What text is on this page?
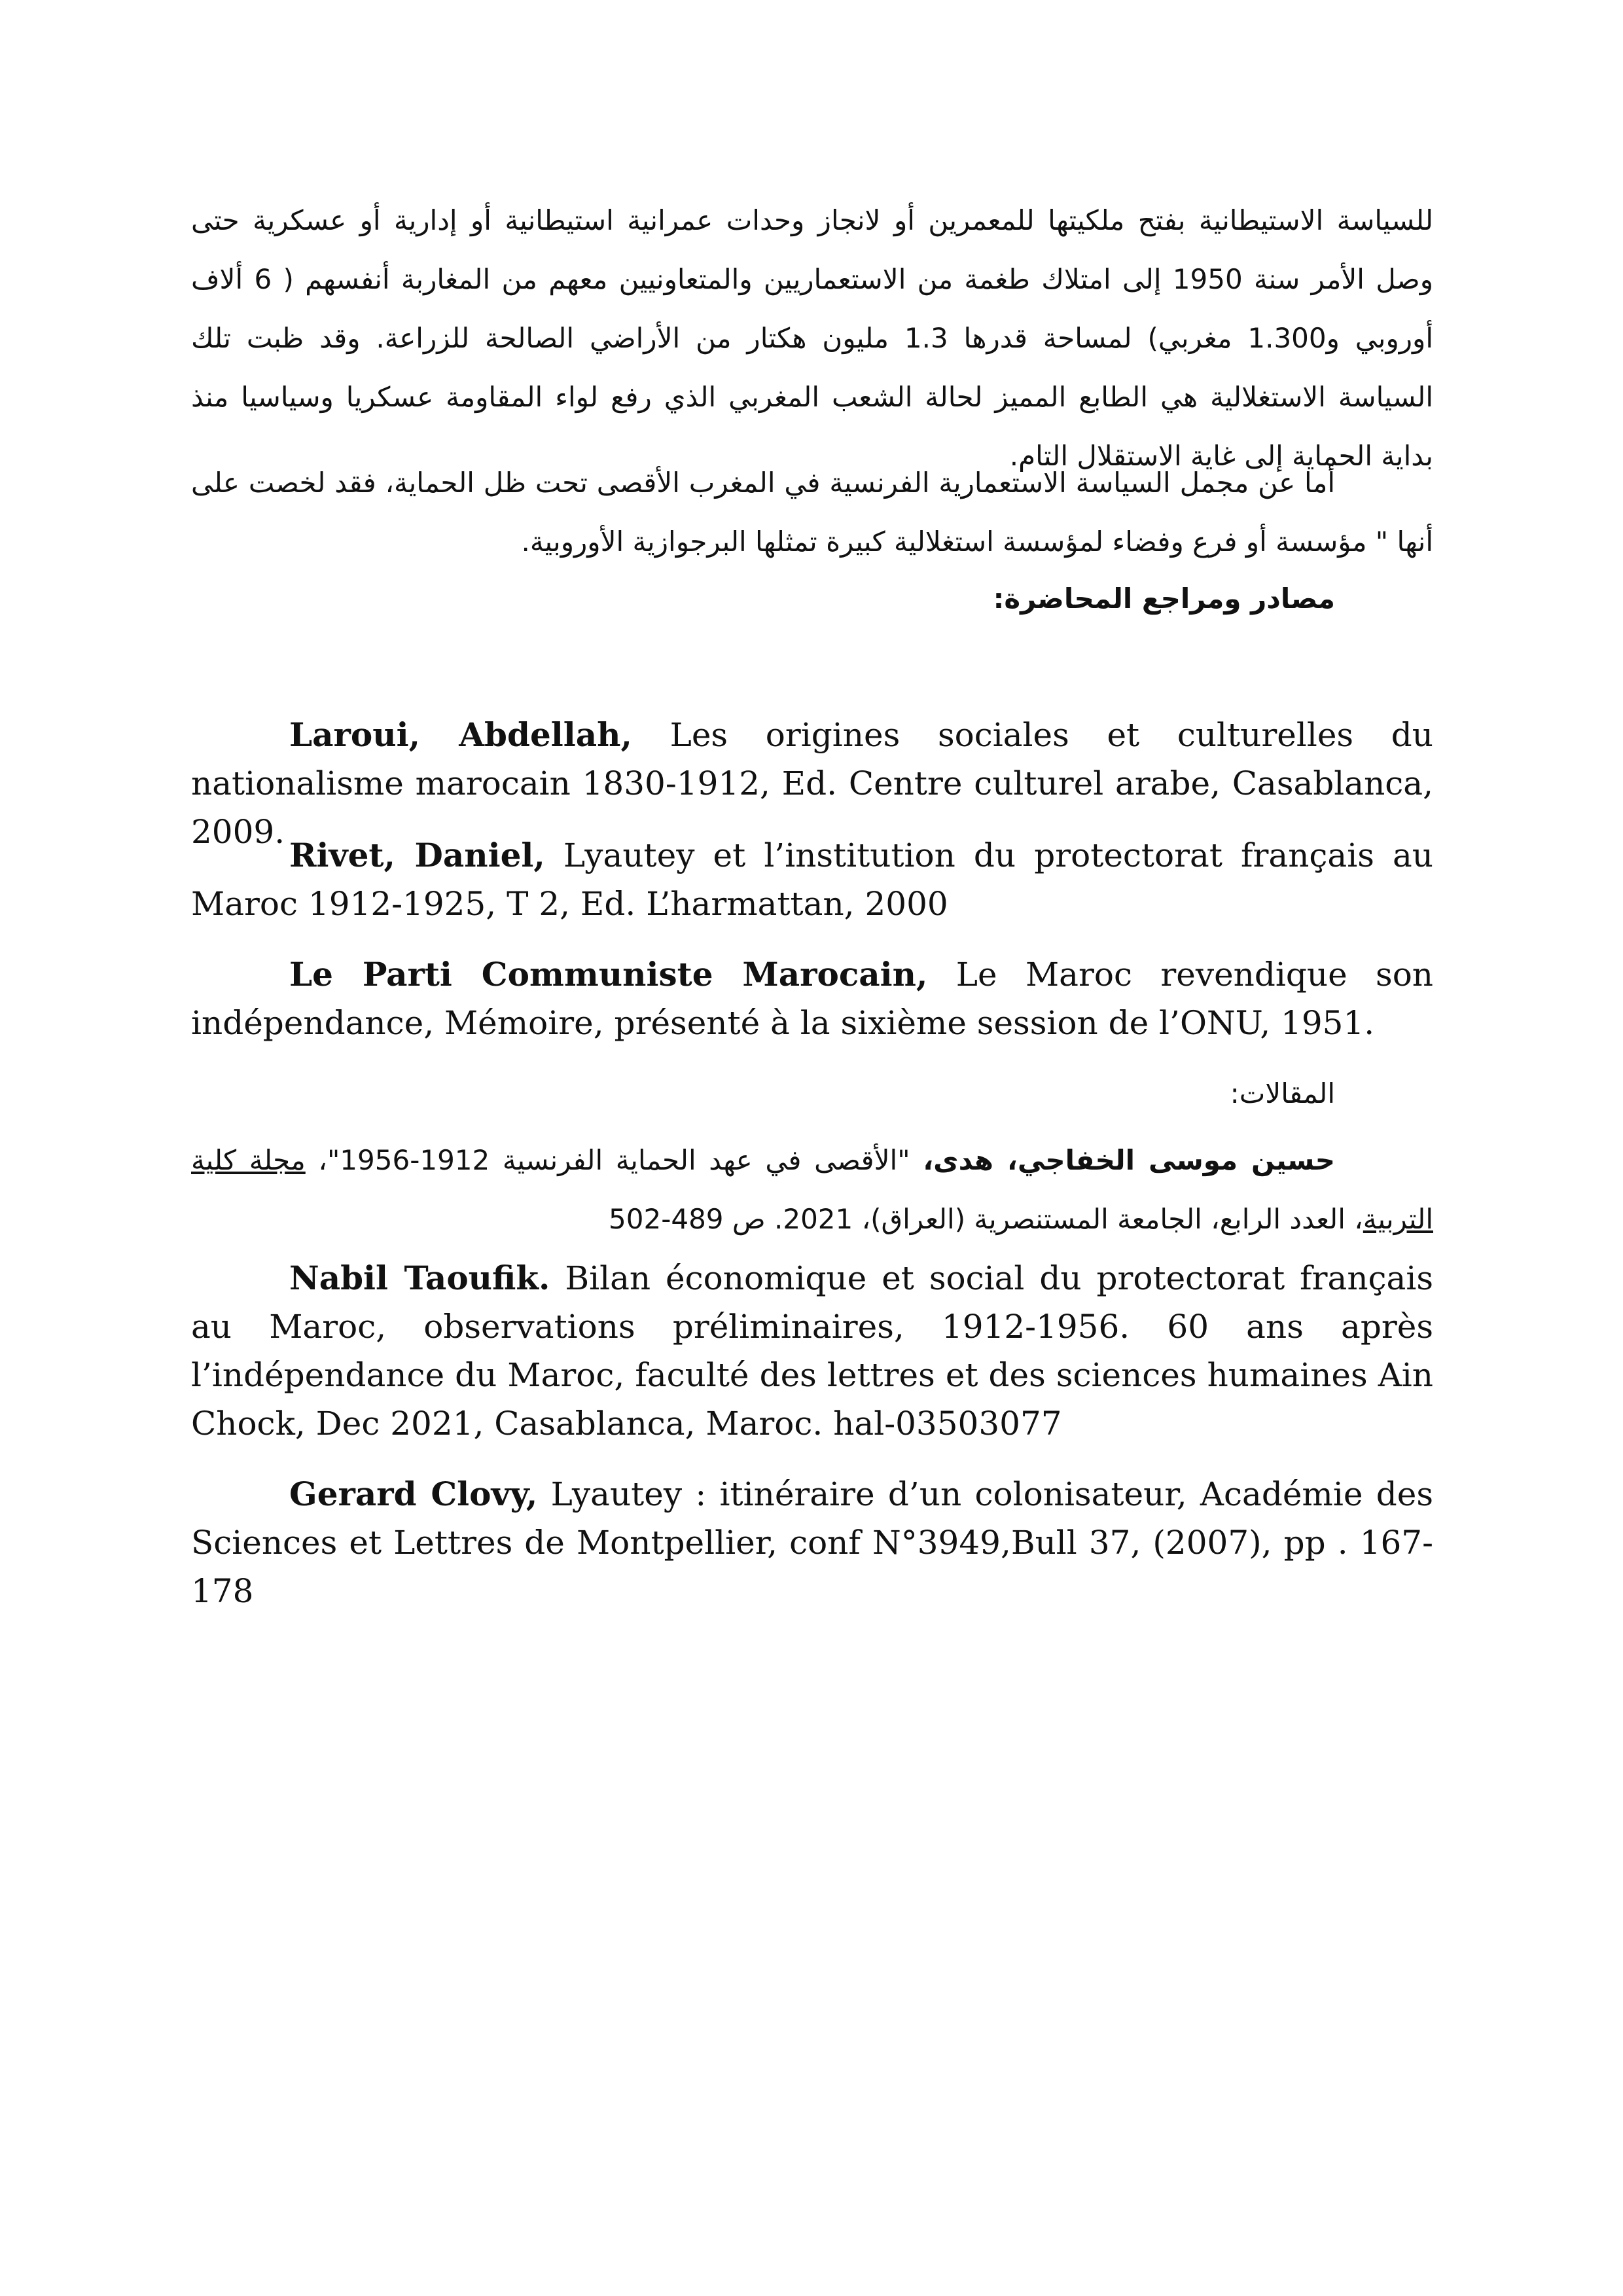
للسياسة الاستيطانية بفتح ملكيتها للمعمرين أو لانجاز وحدات عمرانية استيطانية أو إدارية أو عسكرية حتى وصل الأمر سنة 1950 إلى امتلاك طغمة من الاستعماريين والمتعاونيين معهم من المغاربة أنفسهم ( 6 ألاف أوروبي و1.300 مغربي) لمساحة قدرها 1.3 مليون هكتار من الأراضي الصالحة للزراعة. وقد ظبت تلك السياسة الاستغلالية هي الطابع المميز لحالة الشعب المغربي الذي رفع لواء المقاومة عسكريا وسياسيا منذ بداية الحماية إلى غاية الاستقلال التام.

أما عن مجمل السياسة الاستعمارية الفرنسية في المغرب الأقصى تحت ظل الحماية، فقد لخصت على أنها " مؤسسة أو فرع وفضاء لمؤسسة استغلالية كبيرة تمثلها البرجوازية الأوروبية.

مصادر ومراجع المحاضرة:

Laroui, Abdellah, Les origines sociales et culturelles du nationalisme marocain 1830-1912, Ed. Centre culturel arabe, Casablanca, 2009.

Rivet, Daniel, Lyautey et l’institution du protectorat français au Maroc 1912-1925, T 2, Ed. L’harmattan, 2000

Le Parti Communiste Marocain, Le Maroc revendique son indépendance, Mémoire, présenté à la sixième session de l’ONU, 1951.

المقالات:

حسين موسى الخفاجي، هدى، "الأقصى في عهد الحماية الفرنسية 1912-1956"، مجلة كلية التربية، العدد الرابع، الجامعة المستنصرية (العراق)، 2021. ص 489-502

Nabil Taoufik. Bilan économique et social du protectorat français au Maroc, observations préliminaires, 1912-1956. 60 ans après l’indépendance du Maroc, faculté des lettres et des sciences humaines Ain Chock, Dec 2021, Casablanca, Maroc. hal-03503077

Gerard Clovy, Lyautey : itinéraire d’un colonisateur, Académie des Sciences et Lettres de Montpellier, conf N°3949,Bull 37, (2007), pp . 167-178
